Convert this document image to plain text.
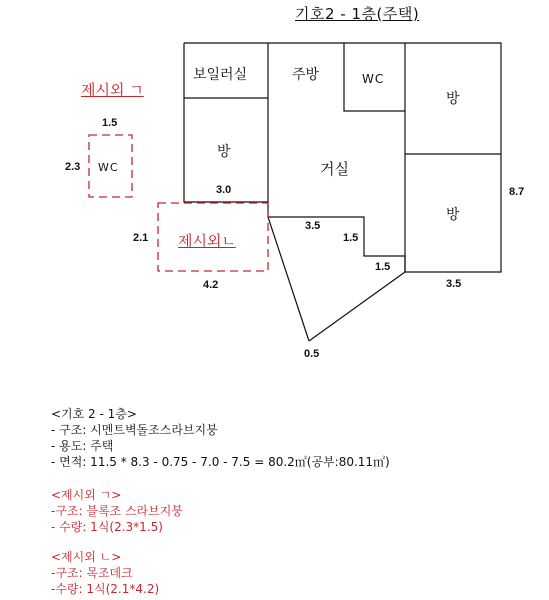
기호2 - 1층(주택)
보일러실	주방	WC
방
방
거실
방
3.0
3.5
1.5
1.5
3.5
8.7
0.5
제시외 ㄱ
1.5
2.3 WC
제시외ㄴ
2.1
4.2
<기호 2 - 1층>
- 구조: 시멘트벽돌조스라브지붕
- 용도: 주택
- 면적: 11.5 * 8.3 - 0.75 - 7.0 - 7.5 = 80.2㎡(공부:80.11㎡)
<제시외 ㄱ>
-구조: 블록조 스라브지붕
- 수량: 1식(2.3*1.5)
<제시외 ㄴ>
-구조: 목조데크
-수량: 1식(2.1*4.2)
